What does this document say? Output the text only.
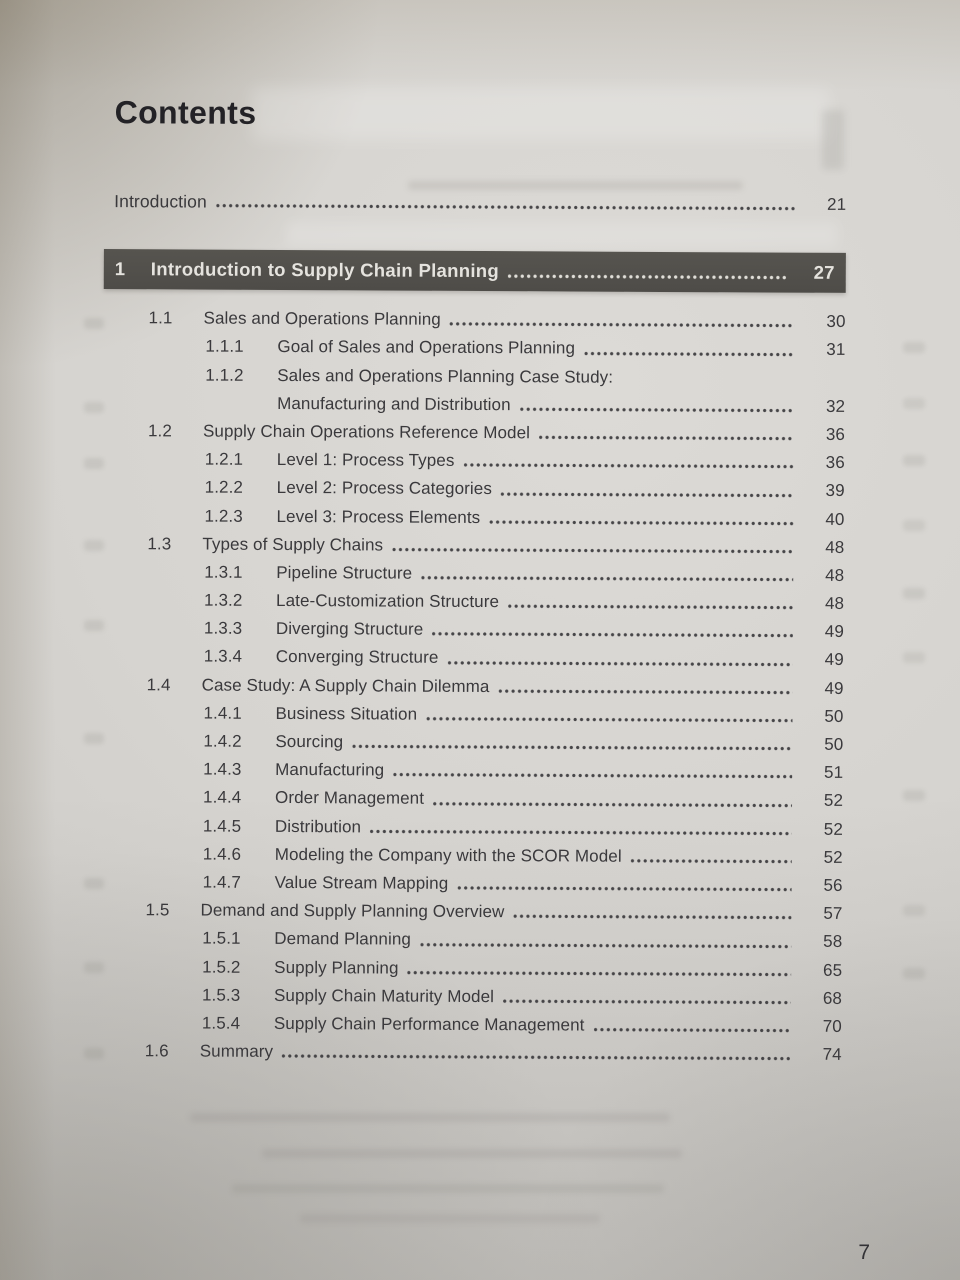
Contents
Introduction	21
1	Introduction to Supply Chain Planning	27
1.1	Sales and Operations Planning	30
1.1.1	Goal of Sales and Operations Planning	31
1.1.2	Sales and Operations Planning Case Study:
Manufacturing and Distribution	32
1.2	Supply Chain Operations Reference Model	36
1.2.1	Level 1: Process Types	36
1.2.2	Level 2: Process Categories	39
1.2.3	Level 3: Process Elements	40
1.3	Types of Supply Chains	48
1.3.1	Pipeline Structure	48
1.3.2	Late-Customization Structure	48
1.3.3	Diverging Structure	49
1.3.4	Converging Structure	49
1.4	Case Study: A Supply Chain Dilemma	49
1.4.1	Business Situation	50
1.4.2	Sourcing	50
1.4.3	Manufacturing	51
1.4.4	Order Management	52
1.4.5	Distribution	52
1.4.6	Modeling the Company with the SCOR Model	52
1.4.7	Value Stream Mapping	56
1.5	Demand and Supply Planning Overview	57
1.5.1	Demand Planning	58
1.5.2	Supply Planning	65
1.5.3	Supply Chain Maturity Model	68
1.5.4	Supply Chain Performance Management	70
1.6	Summary	74
7
